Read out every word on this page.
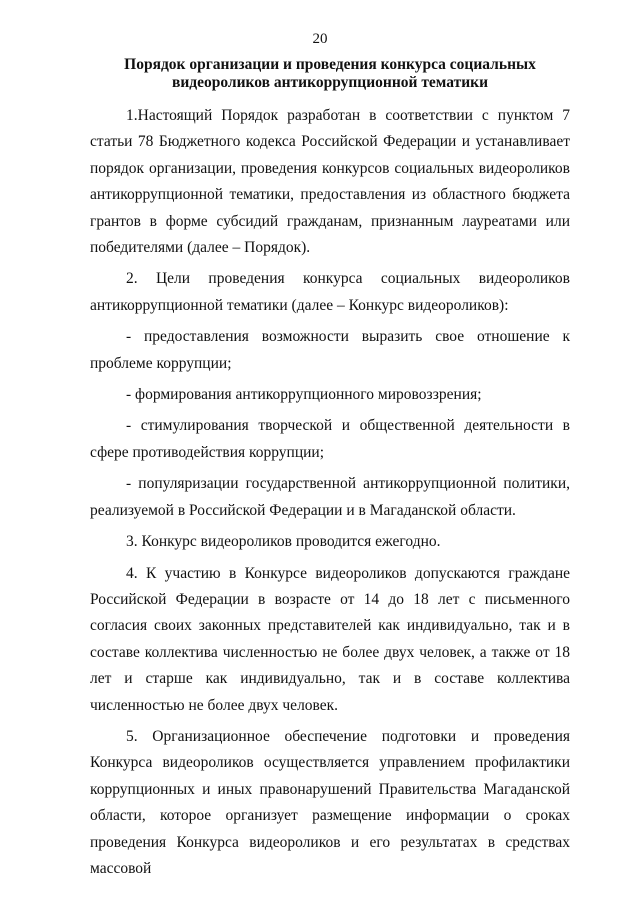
20
Порядок организации и проведения конкурса социальных
видеороликов антикоррупционной тематики

1.Настоящий Порядок разработан в соответствии с пунктом 7 статьи 78 Бюджетного кодекса Российской Федерации и устанавливает порядок организации, проведения конкурсов социальных видеороликов антикоррупционной тематики, предоставления из областного бюджета грантов в форме субсидий гражданам, признанным лауреатами или победителями (далее – Порядок).

2. Цели проведения конкурса социальных видеороликов антикоррупционной тематики (далее – Конкурс видеороликов):

- предоставления возможности выразить свое отношение к проблеме коррупции;

- формирования антикоррупционного мировоззрения;

- стимулирования творческой и общественной деятельности в сфере противодействия коррупции;

- популяризации государственной антикоррупционной политики, реализуемой в Российской Федерации и в Магаданской области.

3. Конкурс видеороликов проводится ежегодно.

4. К участию в Конкурсе видеороликов допускаются граждане Российской Федерации в возрасте от 14 до 18 лет с письменного согласия своих законных представителей как индивидуально, так и в составе коллектива численностью не более двух человек, а также от 18 лет и старше как индивидуально, так и в составе коллектива численностью не более двух человек.

5. Организационное обеспечение подготовки и проведения Конкурса видеороликов осуществляется управлением профилактики коррупционных и иных правонарушений Правительства Магаданской области, которое организует размещение информации о сроках проведения Конкурса видеороликов и его результатах в средствах массовой
